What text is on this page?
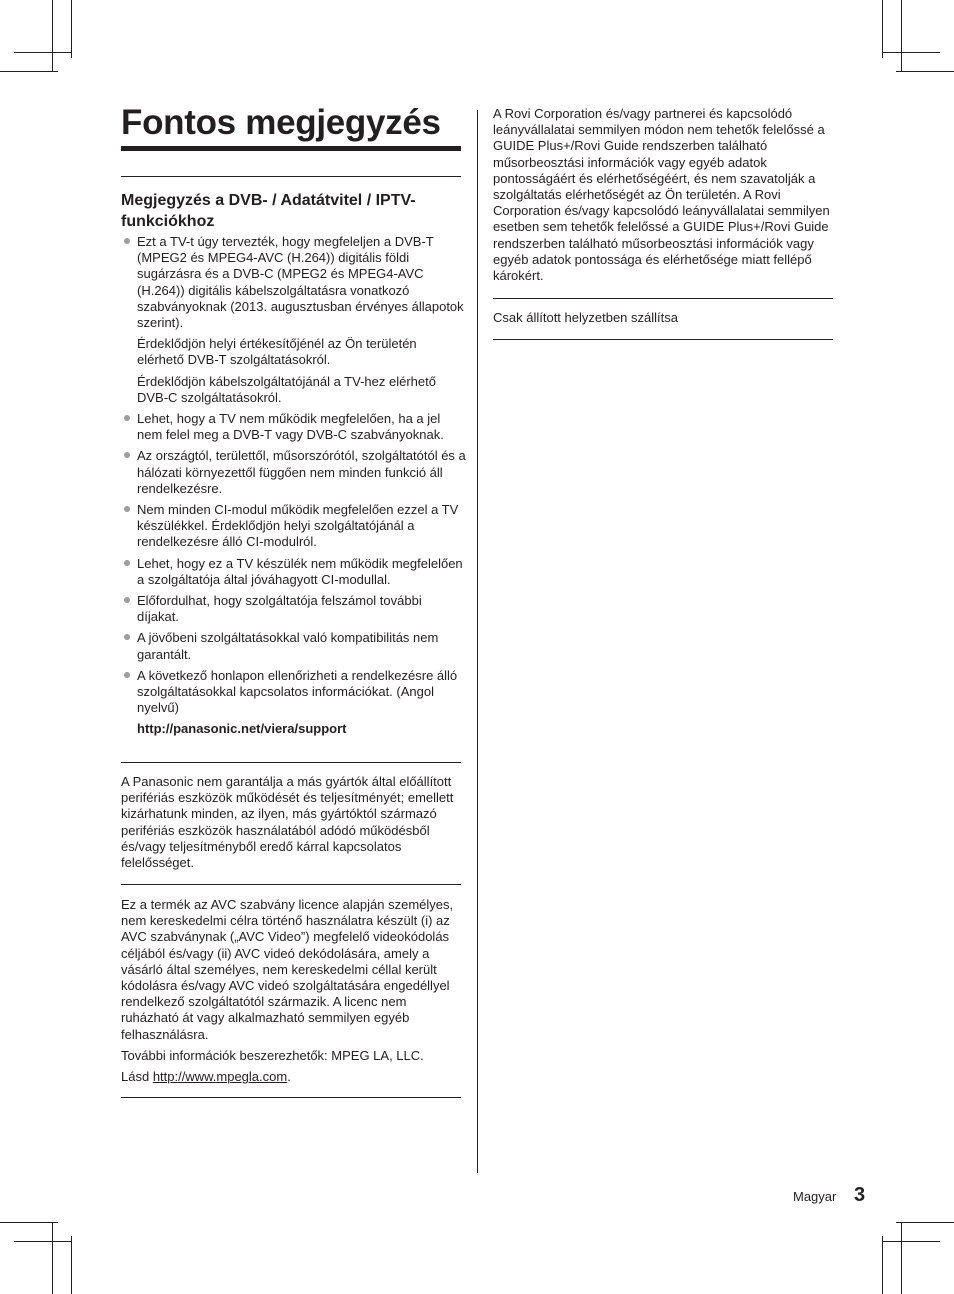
Fontos megjegyzés
Megjegyzés a DVB- / Adatátvitel / IPTV-funkciókhoz

Ezt a TV-t úgy tervezték, hogy megfeleljen a DVB-T (MPEG2 és MPEG4-AVC (H.264)) digitális földi sugárzásra és a DVB-C (MPEG2 és MPEG4-AVC (H.264)) digitális kábelszolgáltatásra vonatkozó szabványoknak (2013. augusztusban érvényes állapotok szerint).

Érdeklődjön helyi értékesítőjénél az Ön területén elérhető DVB-T szolgáltatásokról.

Érdeklődjön kábelszolgáltatójánál a TV-hez elérhető DVB-C szolgáltatásokról.

Lehet, hogy a TV nem működik megfelelően, ha a jel nem felel meg a DVB-T vagy DVB-C szabványoknak.

Az országtól, területtől, műsorszórótól, szolgáltatótól és a hálózati környezettől függően nem minden funkció áll rendelkezésre.

Nem minden CI-modul működik megfelelően ezzel a TV készülékkel. Érdeklődjön helyi szolgáltatójánál a rendelkezésre álló CI-modulról.

Lehet, hogy ez a TV készülék nem működik megfelelően a szolgáltatója által jóváhagyott CI-modullal.

Előfordulhat, hogy szolgáltatója felszámol további díjakat.

A jövőbeni szolgáltatásokkal való kompatibilitás nem garantált.

A következő honlapon ellenőrizheti a rendelkezésre álló szolgáltatásokkal kapcsolatos információkat. (Angol nyelvű)

http://panasonic.net/viera/support

A Panasonic nem garantálja a más gyártók által előállított perifériás eszközök működését és teljesítményét; emellett kizárhatunk minden, az ilyen, más gyártóktól származó perifériás eszközök használatából adódó működésből és/vagy teljesítményből eredő kárral kapcsolatos felelősséget.

Ez a termék az AVC szabvány licence alapján személyes, nem kereskedelmi célra történő használatra készült (i) az AVC szabványnak („AVC Video”) megfelelő videokódolás céljából és/vagy (ii) AVC videó dekódolására, amely a vásárló által személyes, nem kereskedelmi céllal került kódolásra és/vagy AVC videó szolgáltatására engedéllyel rendelkező szolgáltatótól származik. A licenc nem ruházható át vagy alkalmazható semmilyen egyéb felhasználásra.

További információk beszerezhetők: MPEG LA, LLC.

Lásd http://www.mpegla.com.

A Rovi Corporation és/vagy partnerei és kapcsolódó leányvállalatai semmilyen módon nem tehetők felelőssé a GUIDE Plus+/Rovi Guide rendszerben található műsorbeosztási információk vagy egyéb adatok pontosságáért és elérhetőségéért, és nem szavatolják a szolgáltatás elérhetőségét az Ön területén. A Rovi Corporation és/vagy kapcsolódó leányvállalatai semmilyen esetben sem tehetők felelőssé a GUIDE Plus+/Rovi Guide rendszerben található műsorbeosztási információk vagy egyéb adatok pontossága és elérhetősége miatt fellépő károkért.

Csak állított helyzetben szállítsa

Magyar 3
